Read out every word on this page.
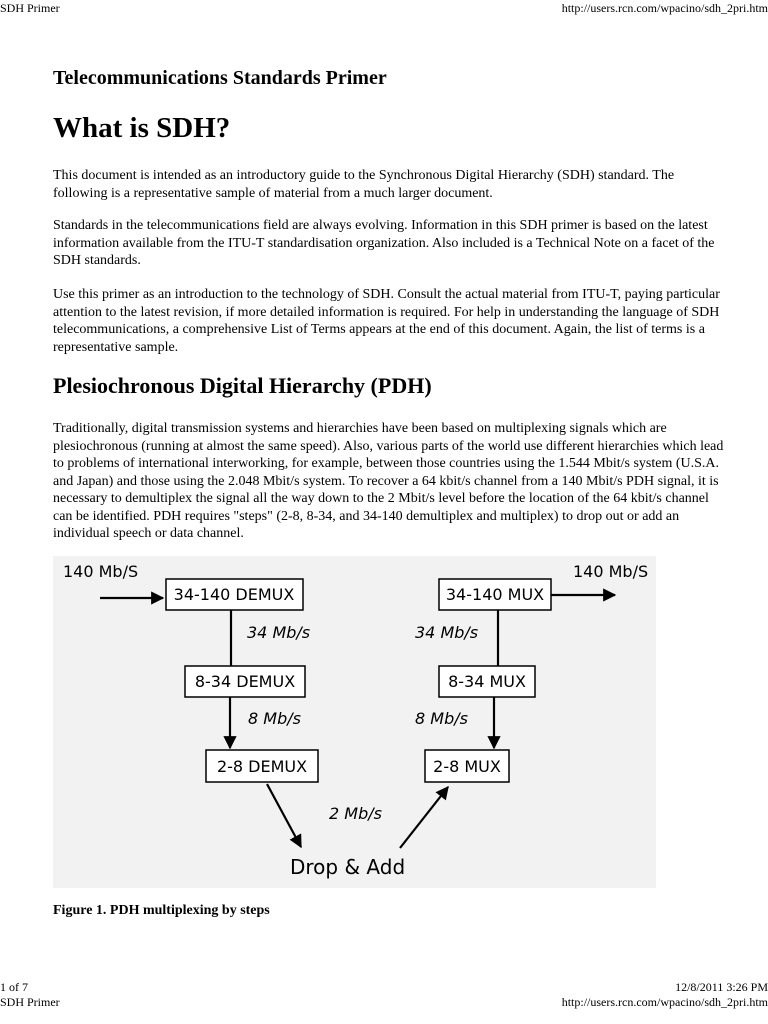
SDH Primer	http://users.rcn.com/wpacino/sdh_2pri.htm
Telecommunications Standards Primer
What is SDH?

This document is intended as an introductory guide to the Synchronous Digital Hierarchy (SDH) standard. The following is a representative sample of material from a much larger document.

Standards in the telecommunications field are always evolving. Information in this SDH primer is based on the latest information available from the ITU-T standardisation organization. Also included is a Technical Note on a facet of the SDH standards.

Use this primer as an introduction to the technology of SDH. Consult the actual material from ITU-T, paying particular attention to the latest revision, if more detailed information is required. For help in understanding the language of SDH telecommunications, a comprehensive List of Terms appears at the end of this document. Again, the list of terms is a representative sample.

Plesiochronous Digital Hierarchy (PDH)

Traditionally, digital transmission systems and hierarchies have been based on multiplexing signals which are plesiochronous (running at almost the same speed). Also, various parts of the world use different hierarchies which lead to problems of international interworking, for example, between those countries using the 1.544 Mbit/s system (U.S.A. and Japan) and those using the 2.048 Mbit/s system. To recover a 64 kbit/s channel from a 140 Mbit/s PDH signal, it is necessary to demultiplex the signal all the way down to the 2 Mbit/s level before the location of the 64 kbit/s channel can be identified. PDH requires "steps" (2-8, 8-34, and 34-140 demultiplex and multiplex) to drop out or add an individual speech or data channel.

140 Mb/S
34-140 DEMUX
34 Mb/s
8-34 DEMUX
8 Mb/s
2-8 DEMUX
34-140 MUX
140 Mb/S
34 Mb/s
8-34 MUX
8 Mb/s
2-8 MUX
2 Mb/s
Drop & Add
Figure 1. PDH multiplexing by steps
1 of 7
SDH Primer
12/8/2011 3:26 PM
http://users.rcn.com/wpacino/sdh_2pri.htm
